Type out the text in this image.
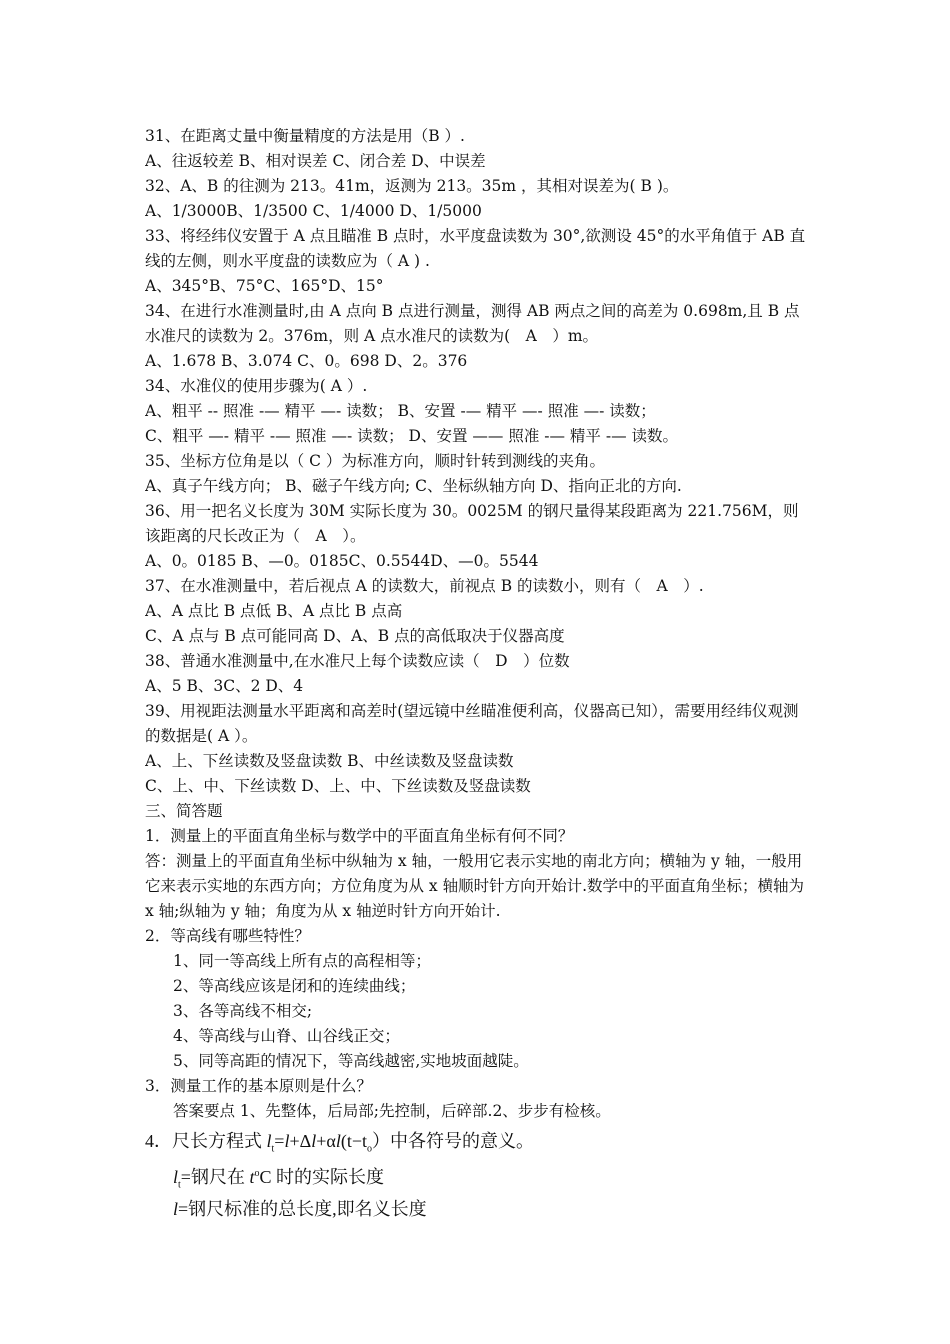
31、在距离丈量中衡量精度的方法是用（B ）.
A、往返较差 B、相对误差 C、闭合差 D、中误差
32、A、B 的往测为 213。41m，返测为 213。35m ，其相对误差为( B )。
A、1/3000B、1/3500 C、1/4000 D、1/5000
33、将经纬仪安置于 A 点且瞄准 B 点时，水平度盘读数为 30°,欲测设 45°的水平角值于 AB 直线的左侧，则水平度盘的读数应为（ A ) .
A、345°B、75°C、165°D、15°
34、在进行水准测量时,由 A 点向 B 点进行测量，测得 AB 两点之间的高差为 0.698m,且 B 点水准尺的读数为 2。376m，则 A 点水准尺的读数为(　A　）m。
A、1.678 B、3.074 C、0。698 D、2。376
34、水准仪的使用步骤为( A ）.
A、粗平 -- 照准 -— 精平 —- 读数； B、安置 -— 精平 —- 照准 —- 读数；
C、粗平 —- 精平 -— 照准 —- 读数； D、安置 —— 照准 -— 精平 -— 读数。
35、坐标方位角是以（ C ）为标准方向，顺时针转到测线的夹角。
A、真子午线方向； B、磁子午线方向; C、坐标纵轴方向 D、指向正北的方向.
36、用一把名义长度为 30M 实际长度为 30。0025M 的钢尺量得某段距离为 221.756M，则该距离的尺长改正为（　A　）。
A、0。0185 B、—0。0185C、0.5544D、—0。5544
37、在水准测量中，若后视点 A 的读数大，前视点 B 的读数小，则有（　A　）.
A、A 点比 B 点低 B、A 点比 B 点高
C、A 点与 B 点可能同高 D、A、B 点的高低取决于仪器高度
38、普通水准测量中,在水准尺上每个读数应读（　D　）位数
A、5 B、3C、2 D、4
39、用视距法测量水平距离和高差时(望远镜中丝瞄准便利高，仪器高已知），需要用经纬仪观测的数据是( A ）。
A、上、下丝读数及竖盘读数 B、中丝读数及竖盘读数
C、上、中、下丝读数 D、上、中、下丝读数及竖盘读数
三、简答题
1．测量上的平面直角坐标与数学中的平面直角坐标有何不同？
答：测量上的平面直角坐标中纵轴为 x 轴，一般用它表示实地的南北方向；横轴为 y 轴，一般用它来表示实地的东西方向；方位角度为从 x 轴顺时针方向开始计.数学中的平面直角坐标；横轴为 x 轴;纵轴为 y 轴；角度为从 x 轴逆时针方向开始计.
2．等高线有哪些特性？
1、同一等高线上所有点的高程相等；
2、等高线应该是闭和的连续曲线；
3、各等高线不相交;
4、等高线与山脊、山谷线正交；
5、同等高距的情况下，等高线越密,实地坡面越陡。
3．测量工作的基本原则是什么？
答案要点 1、先整体，后局部;先控制，后碎部.2、步步有检核。
4．尺长方程式 $l_t=l+\Delta l+\alpha l(t-t_o)$中各符号的意义。
$l_t=$钢尺在 $t^oC$ 时的实际长度
l=钢尺标准的总长度,即名义长度
